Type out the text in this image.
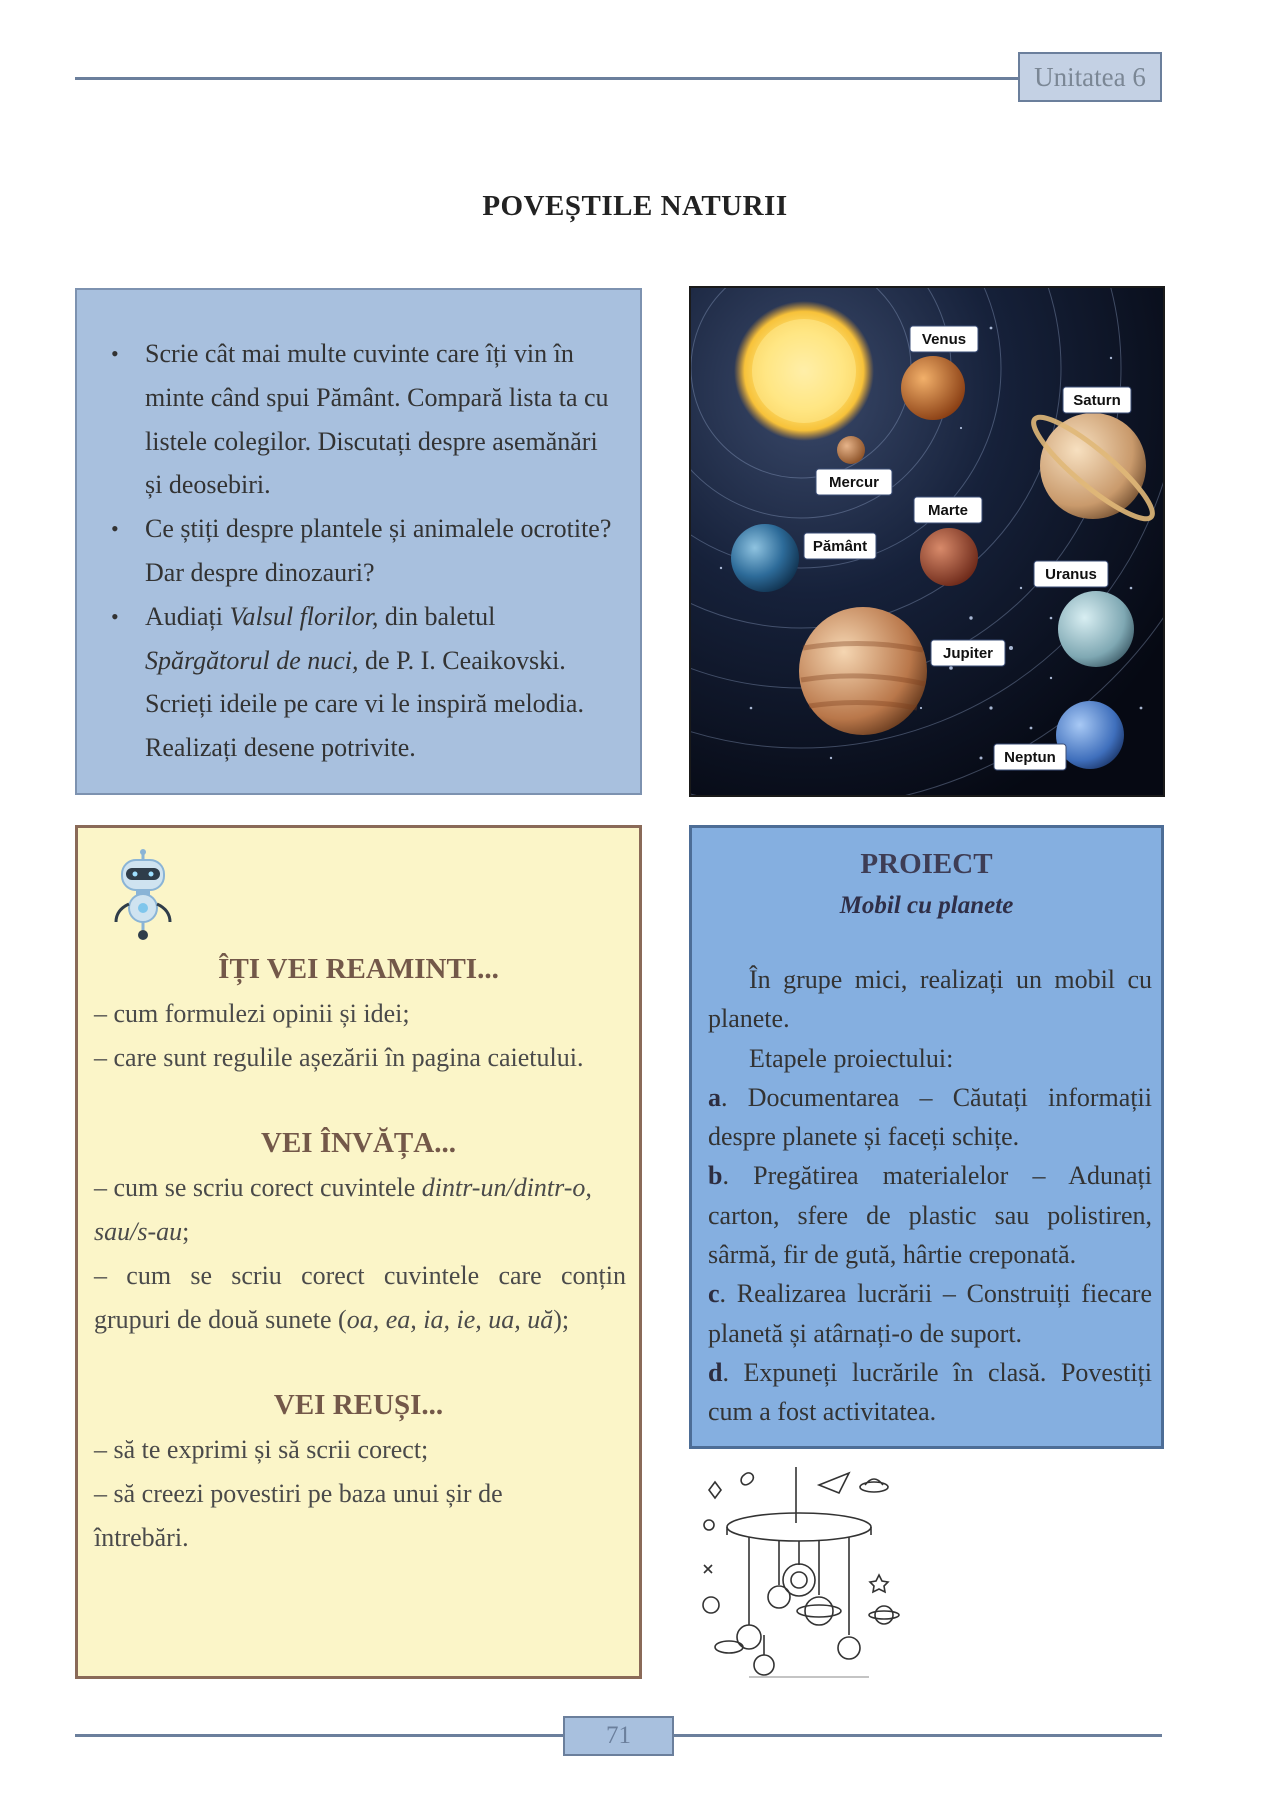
Unitatea 6
POVEȘTILE NATURII
• Scrie cât mai multe cuvinte care îți vin în minte când spui Pământ. Compară lista ta cu listele colegilor. Discutați despre asemănări și deosebiri.
• Ce știți despre plantele și animalele ocrotite? Dar despre dinozauri?
• Audiați Valsul florilor, din baletul Spărgătorul de nuci, de P. I. Ceaikovski. Scrieți ideile pe care vi le inspiră melodia. Realizați desene potrivite.
Venus
Saturn
Mercur
Marte
Pământ
Uranus
Jupiter
Neptun
ÎȚI VEI REAMINTI...
– cum formulezi opinii și idei;
– care sunt regulile așezării în pagina caietului.
VEI ÎNVĂȚA...
– cum se scriu corect cuvintele dintr-un/dintr-o,
sau/s-au;
– cum se scriu corect cuvintele care conțin
grupuri de două sunete (oa, ea, ia, ie, ua, uă);
VEI REUȘI...
– să te exprimi și să scrii corect;
– să creezi povestiri pe baza unui șir de
întrebări.
PROIECT
Mobil cu planete

În grupe mici, realizați un mobil cu planete.

Etapele proiectului:

a. Documentarea – Căutați informații despre planete și faceți schițe.

b. Pregătirea materialelor – Adunați carton, sfere de plastic sau polistiren, sârmă, fir de gută, hârtie creponată.

c. Realizarea lucrării – Construiți fiecare planetă și atârnați-o de suport.

d. Expuneți lucrările în clasă. Povestiți cum a fost activitatea.

71
